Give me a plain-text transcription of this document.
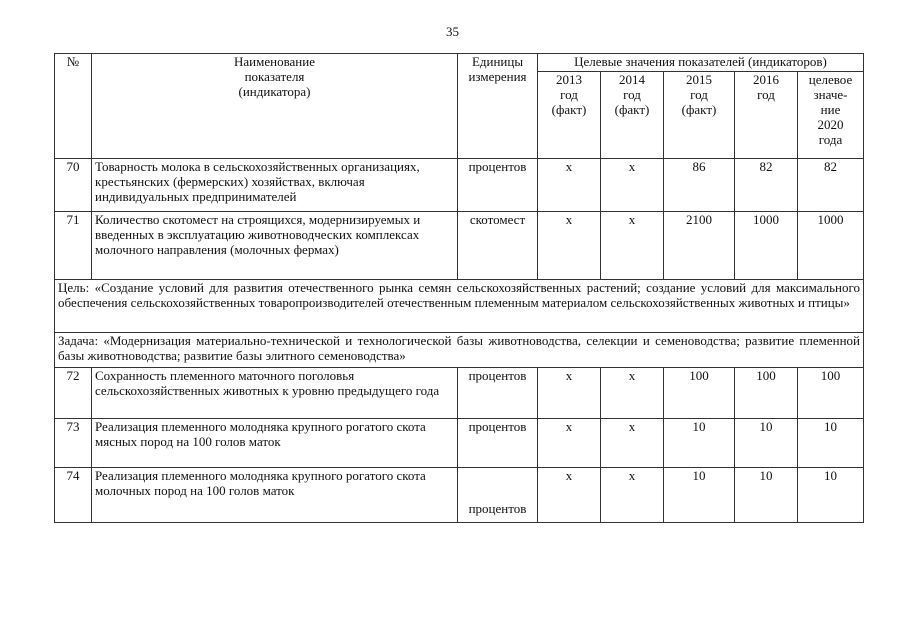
35
№	Наименование
показателя
(индикатора)	Единицы
измерения	Целевые значения показателей (индикаторов)				
			2013
год
(факт)	2014
год
(факт)	2015
год
(факт)	2016
год	целевое
значе-
ние
2020
года
70	Товарность молока в сельскохозяйственных организациях, крестьянских (фермерских) хозяйствах, включая индивидуальных предпринимателей	процентов	х	х	86	82	82
71	Количество скотомест на строящихся, модернизируемых и введенных в эксплуатацию животноводческих комплексах молочного направления (молочных фермах)	скотомест	х	х	2100	1000	1000
Цель: «Создание условий для развития отечественного рынка семян сельскохозяйственных растений; создание условий для максимального обеспечения сельскохозяйственных товаропроизводителей отечественным племенным материалом сельскохозяйственных животных и птицы»							
Задача: «Модернизация материально-технической и технологической базы животноводства, селекции и семеноводства; развитие племенной базы животноводства; развитие базы элитного семеноводства»							
72	Сохранность племенного маточного поголовья сельскохозяйственных животных к уровню предыдущего года	процентов	х	х	100	100	100
73	Реализация племенного молодняка крупного рогатого скота мясных пород на 100 голов маток	процентов	х	х	10	10	10
74	Реализация племенного молодняка крупного рогатого скота молочных пород на 100 голов маток	процентов	х	х	10	10	10
